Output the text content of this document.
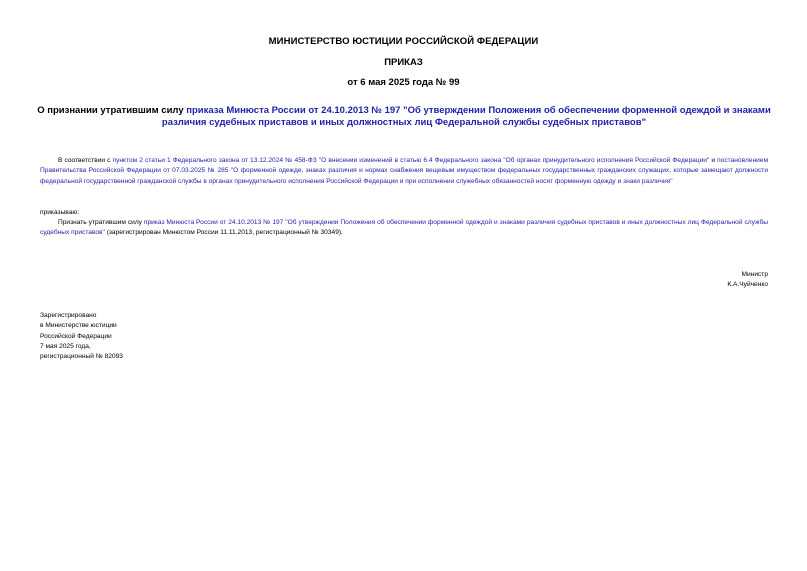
МИНИСТЕРСТВО ЮСТИЦИИ РОССИЙСКОЙ ФЕДЕРАЦИИ
ПРИКАЗ
от 6 мая 2025 года № 99
О признании утратившим силу приказа Минюста России от 24.10.2013 № 197 "Об утверждении Положения об обеспечении форменной одеждой и знаками различия судебных приставов и иных должностных лиц Федеральной службы судебных приставов"
В соответствии с пунктом 2 статьи 1 Федерального закона от 13.12.2024 № 458-ФЗ "О внесении изменений в статью 6.4 Федерального закона "Об органах принудительного исполнения Российской Федерации" и постановлением Правительства Российской Федерации от 07.03.2025 № 285 "О форменной одежде, знаках различия и нормах снабжения вещевым имуществом федеральных государственных гражданских служащих, которые замещают должности федеральной государственной гражданской службы в органах принудительного исполнения Российской Федерации и при исполнении служебных обязанностей носят форменную одежду и знаки различия"
приказываю:
Признать утратившим силу приказ Минюста России от 24.10.2013 № 197 "Об утверждении Положения об обеспечении форменной одеждой и знаками различия судебных приставов и иных должностных лиц Федеральной службы судебных приставов" (зарегистрирован Минюстом России 11.11.2013, регистрационный № 30349).
Министр
К.А.Чуйченко
Зарегистрировано
в Министерстве юстиции
Российской Федерации
7 мая 2025 года,
регистрационный № 82093
